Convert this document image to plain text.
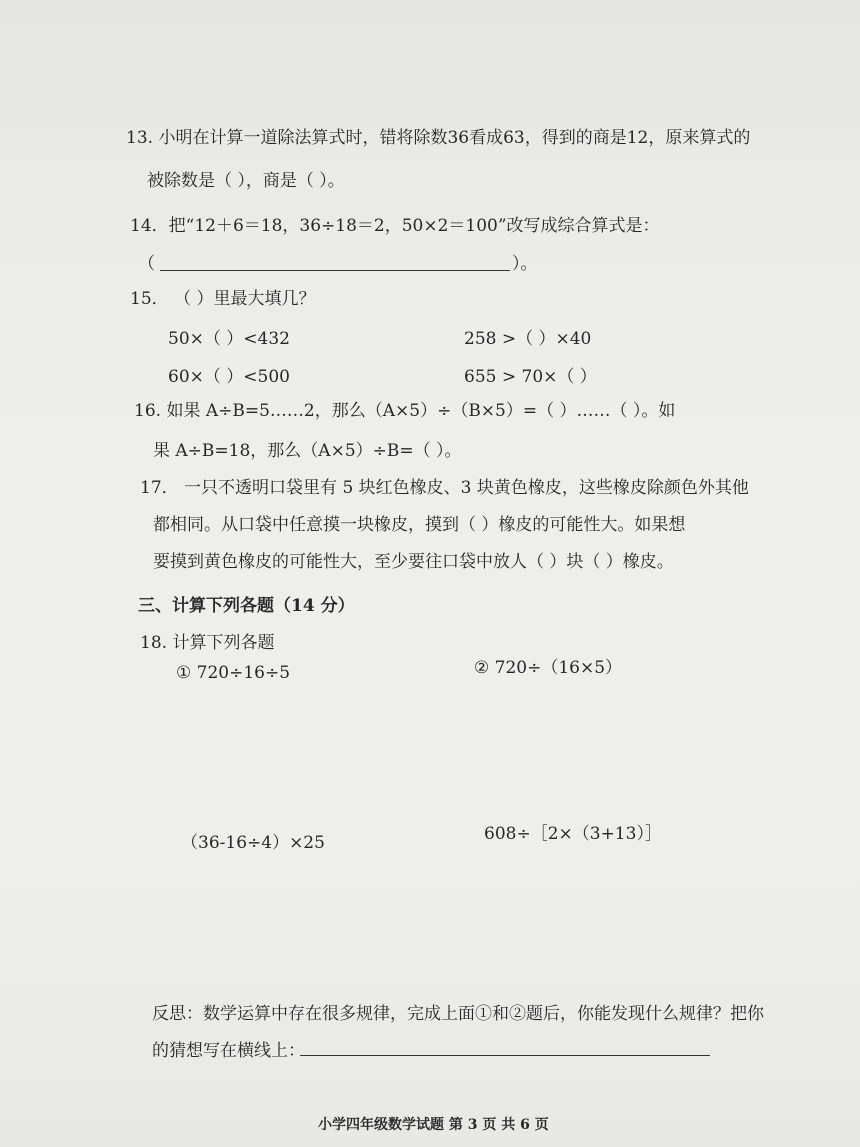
13. 小明在计算一道除法算式时，错将除数36看成63，得到的商是12，原来算式的
被除数是（ ），商是（ ）。
14．把“12＋6＝18，36÷18＝2，50×2＝100”改写成综合算式是：
（	）。
15． （ ）里最大填几？
50×（ ）<432	258 >（ ）×40
60×（ ）<500	655 > 70×（ ）
16. 如果 A÷B=5……2，那么（A×5）÷（B×5）=（ ）……（ ）。如
果 A÷B=18，那么（A×5）÷B=（ ）。
17． 一只不透明口袋里有 5 块红色橡皮、3 块黄色橡皮，这些橡皮除颜色外其他
都相同。从口袋中任意摸一块橡皮，摸到（ ）橡皮的可能性大。如果想
要摸到黄色橡皮的可能性大，至少要往口袋中放人（ ）块（ ）橡皮。
三、计算下列各题（14 分）
18. 计算下列各题
① 720÷16÷5	② 720÷（16×5）
（36-16÷4）×25	608÷［2×（3+13）］
反思：数学运算中存在很多规律，完成上面①和②题后，你能发现什么规律？把你
的猜想写在横线上：
小学四年级数学试题 第 3 页 共 6 页
